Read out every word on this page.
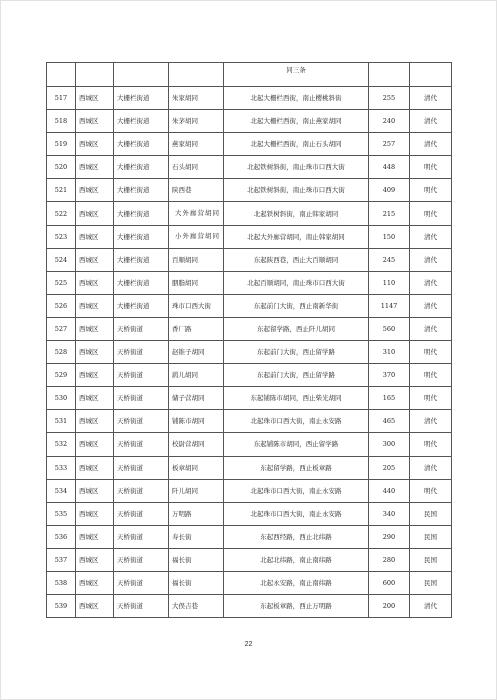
				同三条		
517	西城区	大栅栏街道	朱家胡同	北起大栅栏西街，南止樱桃斜街	255	清代
518	西城区	大栅栏街道	朱茅胡同	北起大栅栏西街，南止燕家胡同	240	清代
519	西城区	大栅栏街道	燕家胡同	北起大栅栏西街，南止石头胡同	257	清代
520	西城区	大栅栏街道	石头胡同	北起铁树斜街，南止珠市口西大街	448	明代
521	西城区	大栅栏街道	陕西巷	北起铁树斜街，南止珠市口西大街	409	明代
522	西城区	大栅栏街道	大外廊营胡同	北起铁树斜街，南止韩家胡同	215	明代
523	西城区	大栅栏街道	小外廊营胡同	北起大外廊营胡同，南止韩家胡同	150	清代
524	西城区	大栅栏街道	百顺胡同	东起陕西巷，西止大百顺胡同	245	清代
525	西城区	大栅栏街道	胭脂胡同	北起百顺胡同，南止珠市口西大街	110	清代
526	西城区	大栅栏街道	珠市口西大街	东起前门大街，西止南新华街	1147	清代
527	西城区	天桥街道	香厂路	东起留学路，西止阡儿胡同	560	清代
528	西城区	天桥街道	赵锥子胡同	东起前门大街，西止留学路	310	明代
529	西城区	天桥街道	鹞儿胡同	东起前门大街，西止留学路	370	明代
530	西城区	天桥街道	储子营胡同	东起铺陈市胡同，西止柴光胡同	165	明代
531	西城区	天桥街道	铺陈市胡同	北起珠市口西大街，南止永安路	465	清代
532	西城区	天桥街道	校尉营胡同	东起铺陈市胡同，西止留学路	300	明代
533	西城区	天桥街道	板章胡同	东起留学路，西止板章路	205	清代
534	西城区	天桥街道	阡儿胡同	北起珠市口西大街，南止永安路	440	明代
535	西城区	天桥街道	万明路	北起珠市口西大街，南止永安路	340	民国
536	西城区	天桥街道	寿长街	东起西经路，西止北纬路	290	民国
537	西城区	天桥街道	福长街	北起北纬路，南止南纬路	280	民国
538	西城区	天桥街道	福长街	北起永安路，南止南纬路	600	民国
539	西城区	天桥街道	大俣吉巷	东起板章路，西止万明路	200	清代
22
